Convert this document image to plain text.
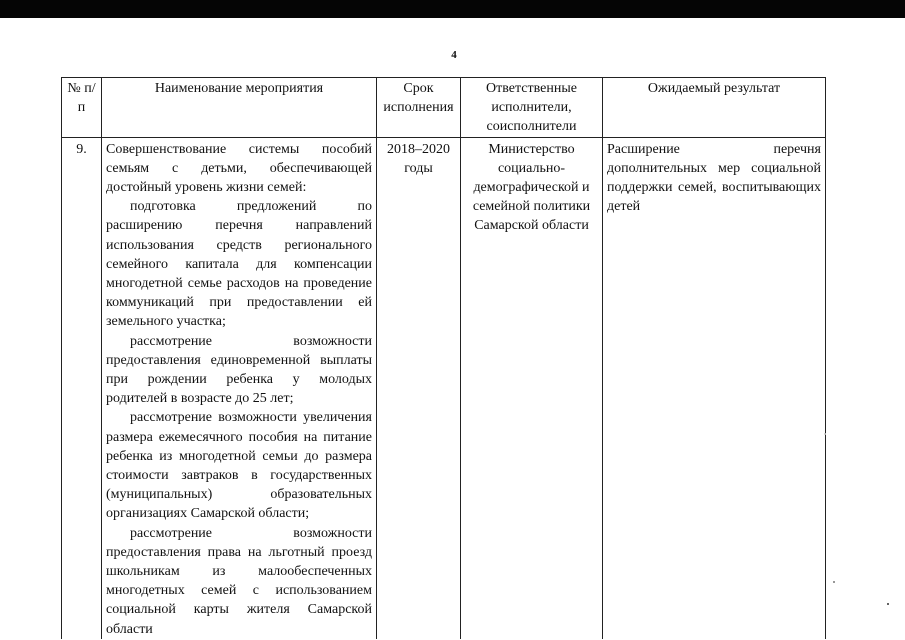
4
№ п/п	Наименование мероприятия	Срок исполнения	Ответственные исполнители, соисполнители	Ожидаемый результат
9.	Совершенствование системы пособий семьям с детьми, обеспечивающей достойный уровень жизни семей:

подготовка предложений по расширению перечня направлений использования средств регионального семейного капитала для компенсации многодетной семье расходов на проведение коммуникаций при предоставлении ей земельного участка;

рассмотрение возможности предоставления единовременной выплаты при рождении ребенка у молодых родителей в возрасте до 25 лет;

рассмотрение возможности увеличения размера ежемесячного пособия на питание ребенка из многодетной семьи до размера стоимости завтраков в государственных (муниципальных) образовательных организациях Самарской области;

рассмотрение возможности предоставления права на льготный проезд школьникам из малообеспеченных многодетных семей с использованием социальной карты жителя Самарской области	2018–2020 годы	Министерство социально-демографической и семейной политики Самарской области	Расширение перечня дополнительных мер социальной поддержки семей, воспитывающих детей
